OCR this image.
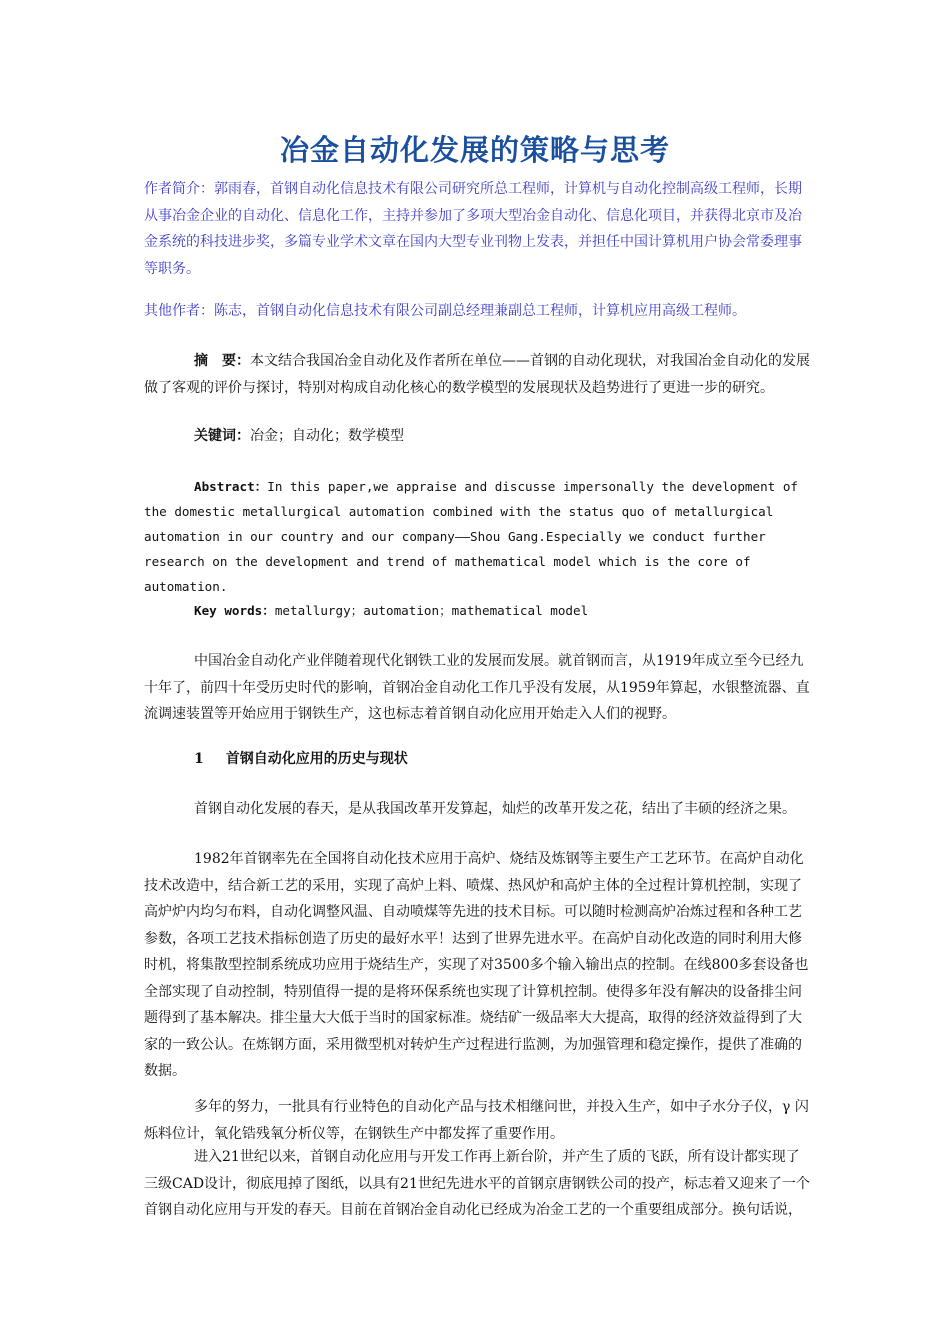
冶金自动化发展的策略与思考
作者简介：郭雨春，首钢自动化信息技术有限公司研究所总工程师，计算机与自动化控制高级工程师，长期从事冶金企业的自动化、信息化工作，主持并参加了多项大型冶金自动化、信息化项目，并获得北京市及冶金系统的科技进步奖，多篇专业学术文章在国内大型专业刊物上发表，并担任中国计算机用户协会常委理事等职务。
其他作者：陈志，首钢自动化信息技术有限公司副总经理兼副总工程师，计算机应用高级工程师。
摘　要：本文结合我国冶金自动化及作者所在单位——首钢的自动化现状，对我国冶金自动化的发展做了客观的评价与探讨，特别对构成自动化核心的数学模型的发展现状及趋势进行了更进一步的研究。
关键词：冶金；自动化；数学模型
Abstract：In this paper,we appraise and discusse impersonally the development of the domestic metallurgical automation combined with the status quo of metallurgical automation in our country and our company——Shou Gang.Especially we conduct further research on the development and trend of mathematical model which is the core of automation.
Key words：metallurgy；automation；mathematical model
中国冶金自动化产业伴随着现代化钢铁工业的发展而发展。就首钢而言，从1919年成立至今已经九十年了，前四十年受历史时代的影响，首钢冶金自动化工作几乎没有发展，从1959年算起，水银整流器、直流调速装置等开始应用于钢铁生产，这也标志着首钢自动化应用开始走入人们的视野。
1 首钢自动化应用的历史与现状
首钢自动化发展的春天，是从我国改革开发算起，灿烂的改革开发之花，结出了丰硕的经济之果。
1982年首钢率先在全国将自动化技术应用于高炉、烧结及炼钢等主要生产工艺环节。在高炉自动化技术改造中，结合新工艺的采用，实现了高炉上料、喷煤、热风炉和高炉主体的全过程计算机控制，实现了高炉炉内均匀布料，自动化调整风温、自动喷煤等先进的技术目标。可以随时检测高炉冶炼过程和各种工艺参数，各项工艺技术指标创造了历史的最好水平！达到了世界先进水平。在高炉自动化改造的同时利用大修时机，将集散型控制系统成功应用于烧结生产，实现了对3500多个输入输出点的控制。在线800多套设备也全部实现了自动控制，特别值得一提的是将环保系统也实现了计算机控制。使得多年没有解决的设备排尘问题得到了基本解决。排尘量大大低于当时的国家标准。烧结矿一级品率大大提高，取得的经济效益得到了大家的一致公认。在炼钢方面，采用微型机对转炉生产过程进行监测，为加强管理和稳定操作，提供了准确的数据。
多年的努力，一批具有行业特色的自动化产品与技术相继问世，并投入生产，如中子水分子仪，γ 闪烁料位计，氧化锆残氧分析仪等，在钢铁生产中都发挥了重要作用。
进入21世纪以来，首钢自动化应用与开发工作再上新台阶，并产生了质的飞跃，所有设计都实现了三级CAD设计，彻底甩掉了图纸，以具有21世纪先进水平的首钢京唐钢铁公司的投产，标志着又迎来了一个首钢自动化应用与开发的春天。目前在首钢冶金自动化已经成为冶金工艺的一个重要组成部分。换句话说，
